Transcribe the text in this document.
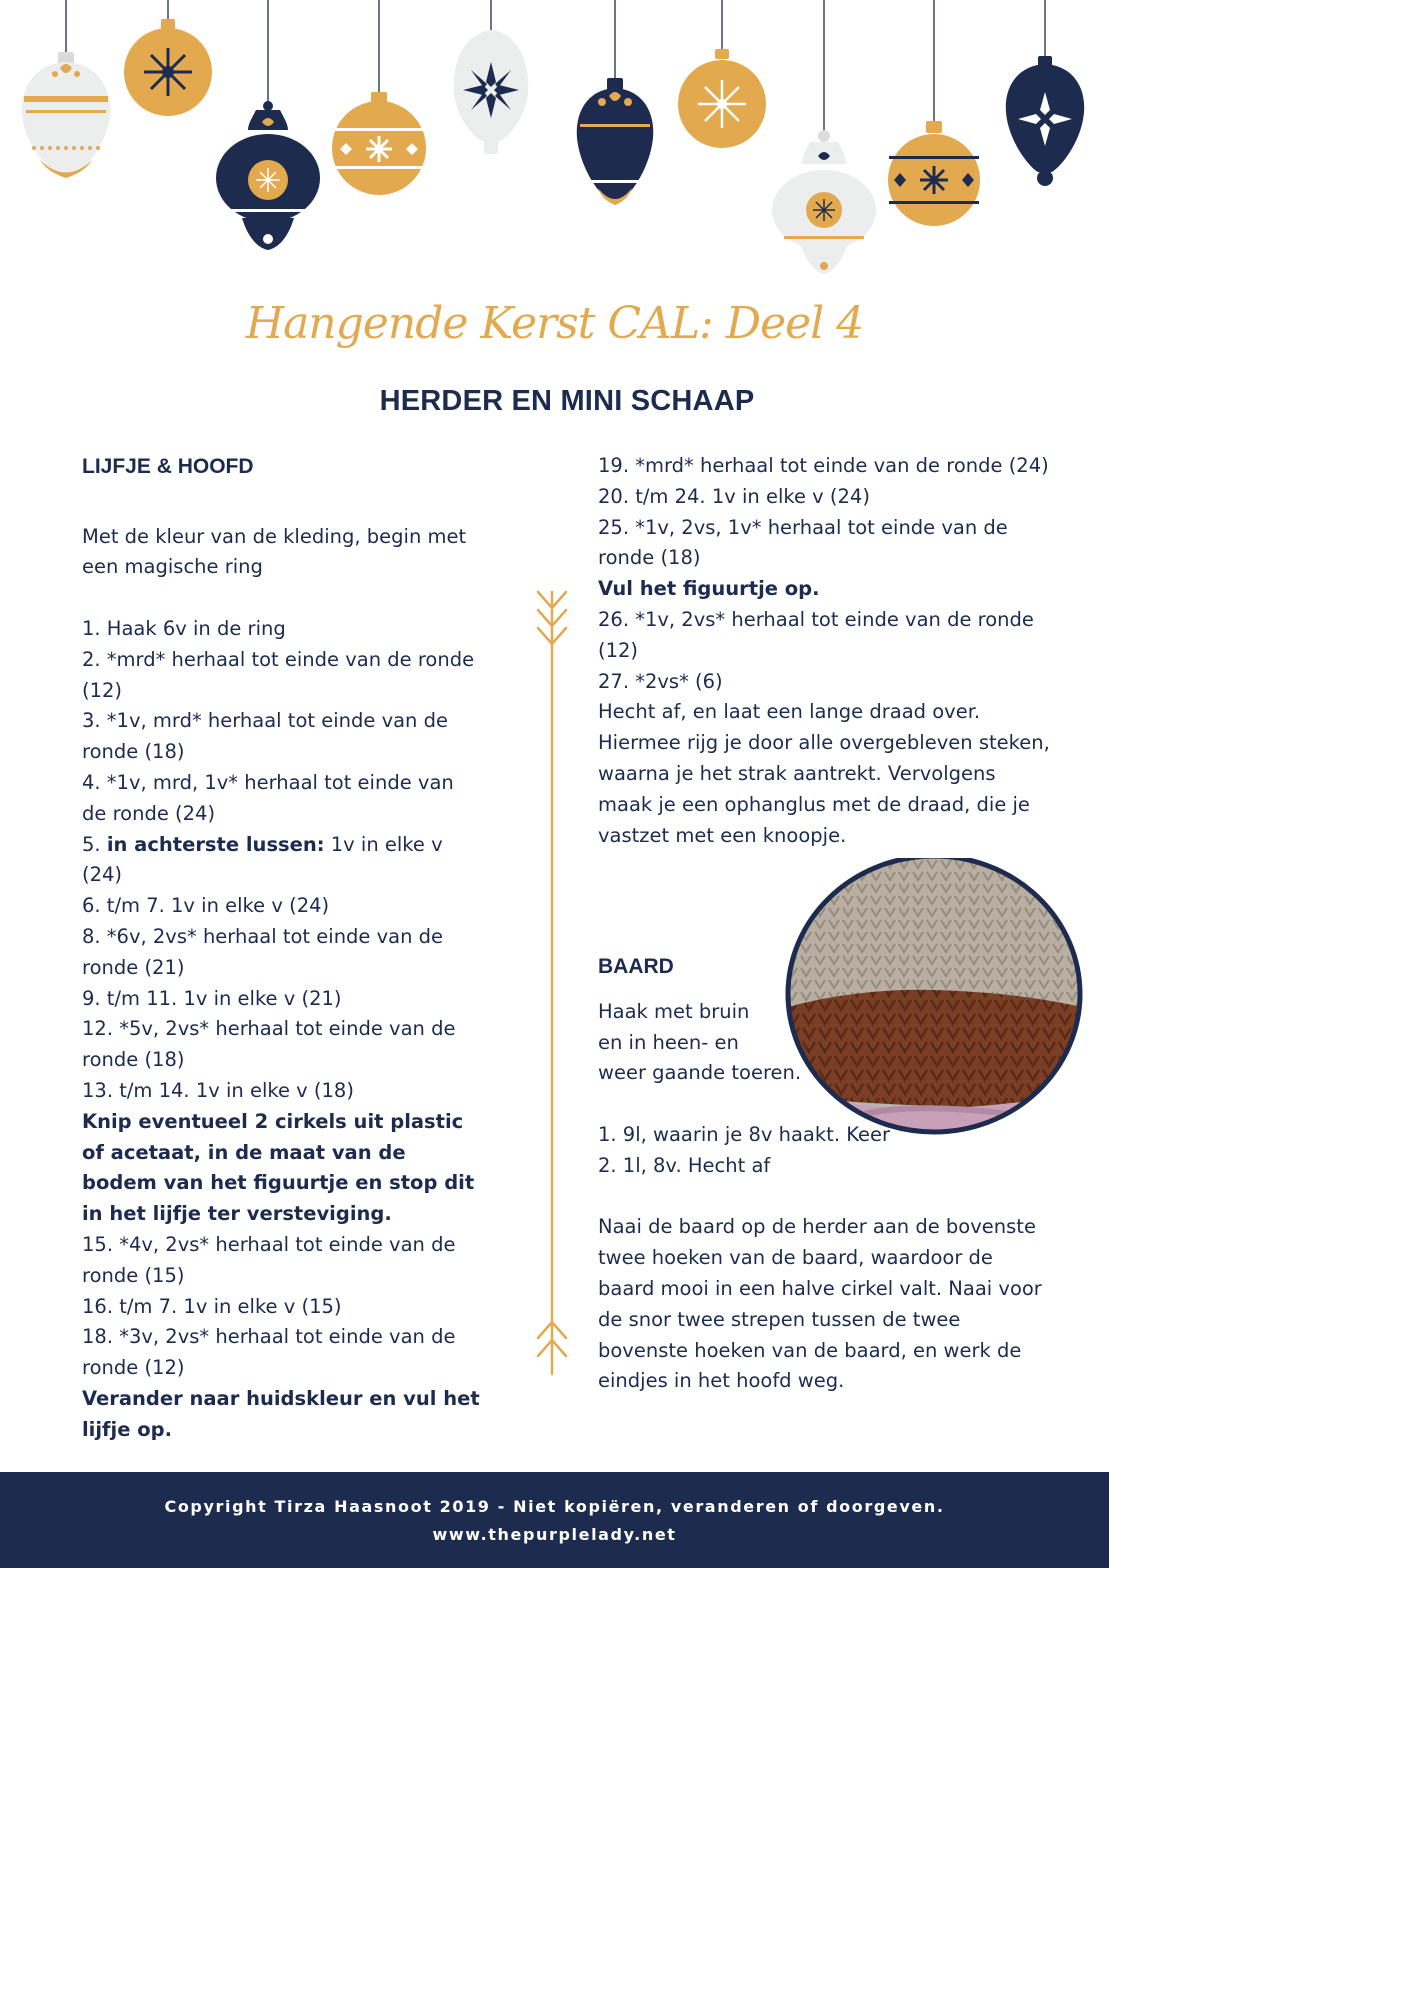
Hangende Kerst CAL: Deel 4
HERDER EN MINI SCHAAP

LIJFJE & HOOFD

Met de kleur van de kleding, begin met een magische ring

1. Haak 6v in de ring

2. *mrd* herhaal tot einde van de ronde (12)

3. *1v, mrd* herhaal tot einde van de ronde (18)

4. *1v, mrd, 1v* herhaal tot einde van de ronde (24)

5. in achterste lussen: 1v in elke v (24)

6. t/m 7. 1v in elke v (24)

8. *6v, 2vs* herhaal tot einde van de ronde (21)

9. t/m 11. 1v in elke v (21)

12. *5v, 2vs* herhaal tot einde van de ronde (18)

13. t/m 14. 1v in elke v (18)

Knip eventueel 2 cirkels uit plastic of acetaat, in de maat van de bodem van het figuurtje en stop dit in het lijfje ter versteviging.

15. *4v, 2vs* herhaal tot einde van de ronde (15)

16. t/m 7. 1v in elke v (15)

18. *3v, 2vs* herhaal tot einde van de ronde (12)

Verander naar huidskleur en vul het lijfje op.

19. *mrd* herhaal tot einde van de ronde (24)

20. t/m 24. 1v in elke v (24)

25. *1v, 2vs, 1v* herhaal tot einde van de ronde (18)

Vul het figuurtje op.

26. *1v, 2vs* herhaal tot einde van de ronde (12)

27. *2vs* (6)

Hecht af, en laat een lange draad over. Hiermee rijg je door alle overgebleven steken, waarna je het strak aantrekt. Vervolgens maak je een ophanglus met de draad, die je vastzet met een knoopje.

BAARD

Haak met bruin

en in heen- en

weer gaande toeren.

1. 9l, waarin je 8v haakt. Keer

2. 1l, 8v. Hecht af

Naai de baard op de herder aan de bovenste twee hoeken van de baard, waardoor de baard mooi in een halve cirkel valt. Naai voor de snor twee strepen tussen de twee bovenste hoeken van de baard, en werk de eindjes in het hoofd weg.

Copyright Tirza Haasnoot 2019 - Niet kopiëren, veranderen of doorgeven.
www.thepurplelady.net
